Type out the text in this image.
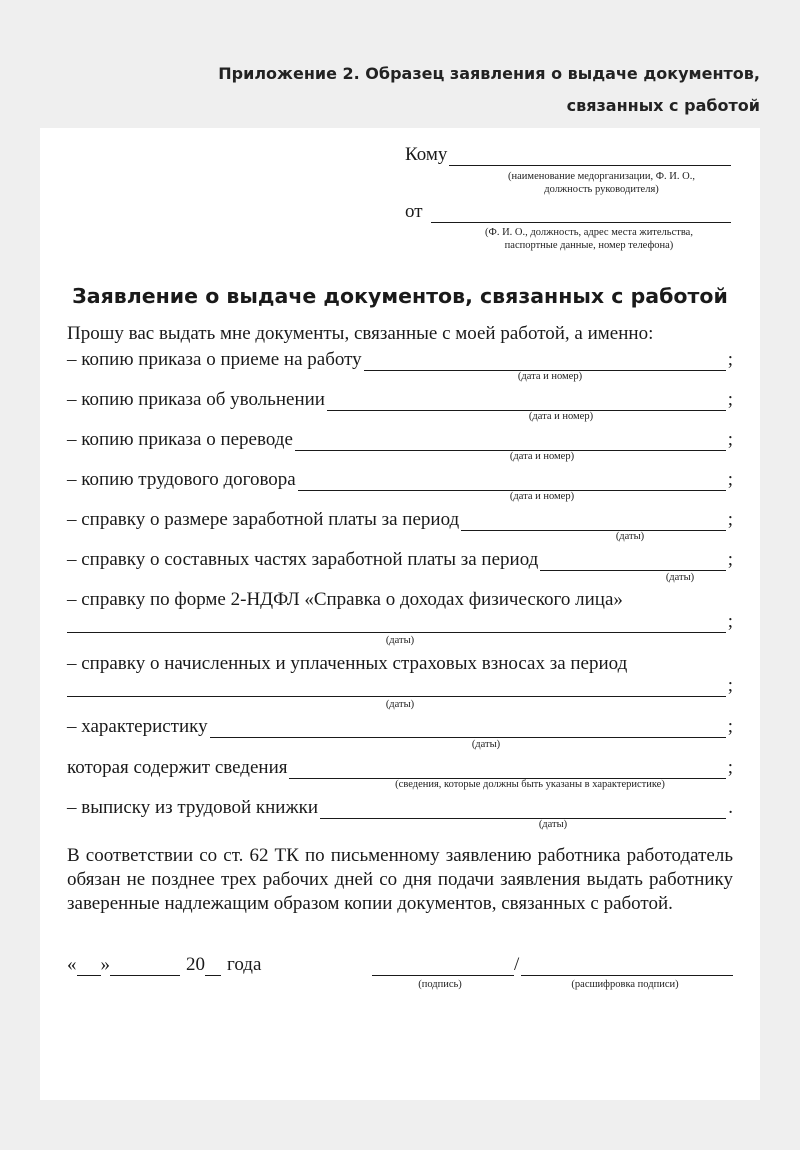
Приложение 2. Образец заявления о выдаче документов,
связанных с работой
Кому
(наименование медорганизации, Ф. И. О.,
должность руководителя)
от
(Ф. И. О., должность, адрес места жительства,
паспортные данные, номер телефона)
Заявление о выдаче документов, связанных с работой
Прошу вас выдать мне документы, связанные с моей работой, а именно:
– копию приказа о приеме на работу	;
(дата и номер)
– копию приказа об увольнении	;
(дата и номер)
– копию приказа о переводе	;
(дата и номер)
– копию трудового договора	;
(дата и номер)
– справку о размере заработной платы за период	;
(даты)
– справку о составных частях заработной платы за период	;
(даты)
– справку по форме 2-НДФЛ «Справка о доходах физического лица»
;
(даты)
– справку о начисленных и уплаченных страховых взносах за период
;
(даты)
– характеристику	;
(даты)
которая содержит сведения	;
(сведения, которые должны быть указаны в характеристике)
– выписку из трудовой книжки	.
(даты)
В соответствии со ст. 62 ТК по письменному заявлению работника работодатель обязан не позднее трех рабочих дней со дня подачи заявления выдать работнику заверенные надлежащим образом копии документов, связанных с работой.
« »	20 года	/
(подпись)	(расшифровка подписи)
